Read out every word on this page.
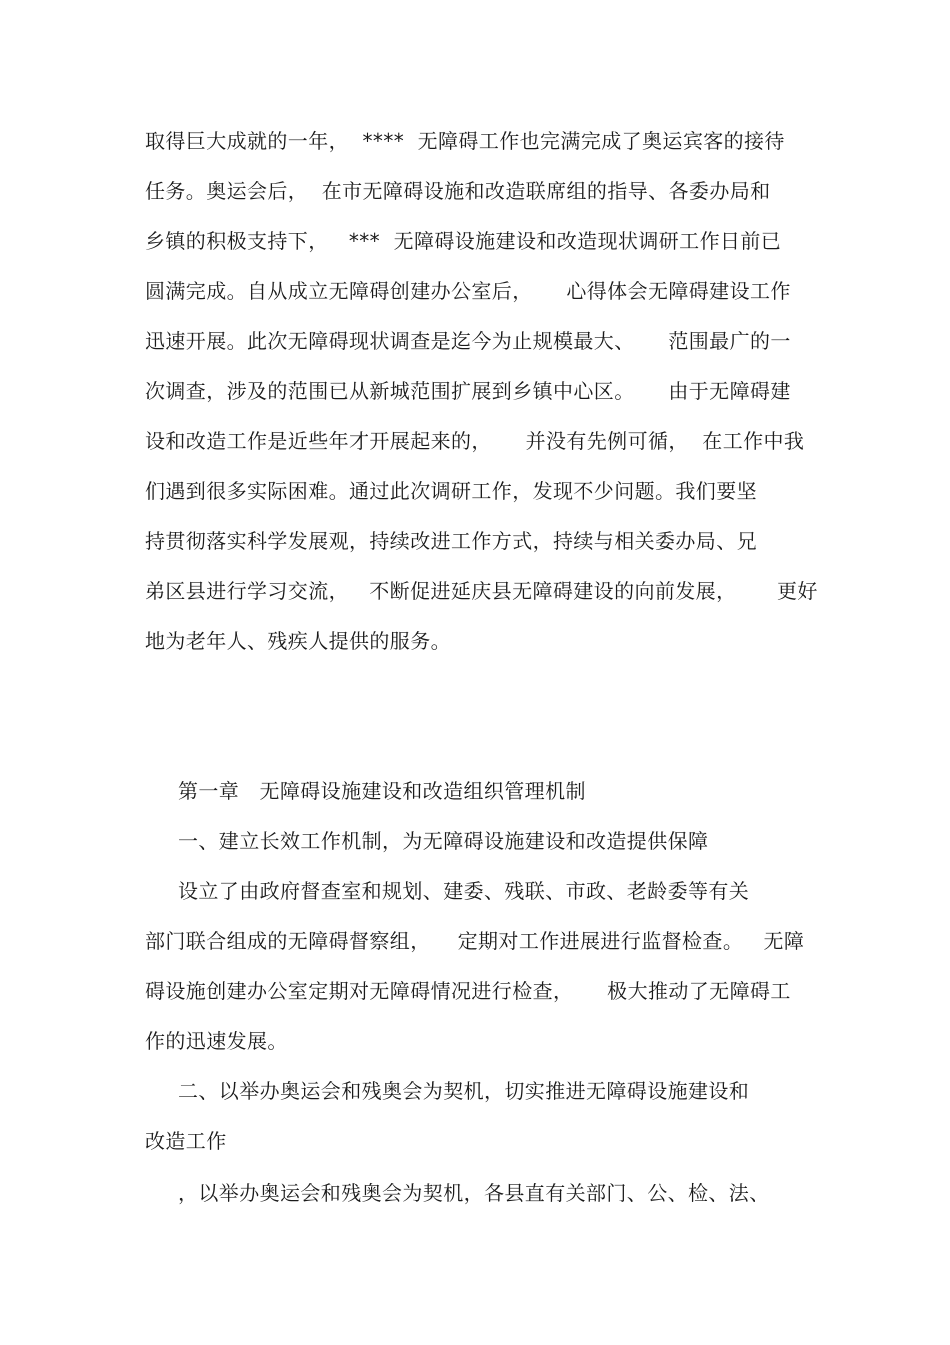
取得巨大成就的一年，  ****  无障碍工作也完满完成了奥运宾客的接待
任务。奥运会后，  在市无障碍设施和改造联席组的指导、各委办局和
乡镇的积极支持下，   ***  无障碍设施建设和改造现状调研工作日前已
圆满完成。自从成立无障碍创建办公室后，     心得体会无障碍建设工作
迅速开展。此次无障碍现状调查是迄今为止规模最大、     范围最广的一
次调查，涉及的范围已从新城范围扩展到乡镇中心区。     由于无障碍建
设和改造工作是近些年才开展起来的，     并没有先例可循，  在工作中我
们遇到很多实际困难。通过此次调研工作，发现不少问题。我们要坚
持贯彻落实科学发展观，持续改进工作方式，持续与相关委办局、兄
弟区县进行学习交流，   不断促进延庆县无障碍建设的向前发展，      更好
地为老年人、残疾人提供的服务。
第一章   无障碍设施建设和改造组织管理机制
一、建立长效工作机制，为无障碍设施建设和改造提供保障
设立了由政府督查室和规划、建委、残联、市政、老龄委等有关
部门联合组成的无障碍督察组，    定期对工作进展进行监督检查。   无障
碍设施创建办公室定期对无障碍情况进行检查，     极大推动了无障碍工
作的迅速发展。
二、以举办奥运会和残奥会为契机，切实推进无障碍设施建设和
改造工作
，以举办奥运会和残奥会为契机，各县直有关部门、公、检、法、
